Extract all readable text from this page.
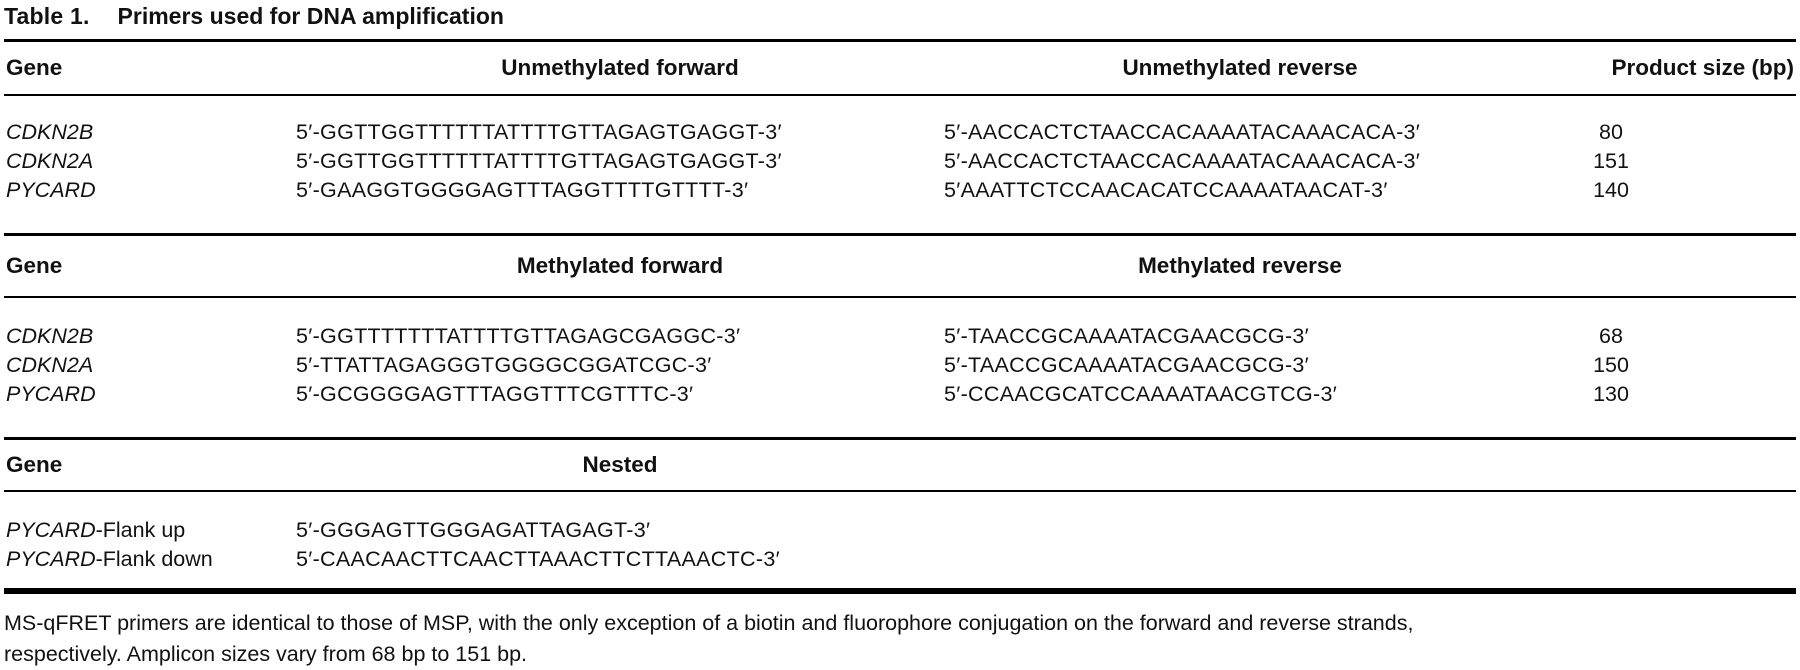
Table 1. Primers used for DNA amplification
Gene	Unmethylated forward	Unmethylated reverse	Product size (bp)
CDKN2B	5′-GGTTGGTTTTTTATTTTGTTAGAGTGAGGT-3′	5′-AACCACTCTAACCACAAAATACAAACACA-3′	80
CDKN2A	5′-GGTTGGTTTTTTATTTTGTTAGAGTGAGGT-3′	5′-AACCACTCTAACCACAAAATACAAACACA-3′	151
PYCARD	5′-GAAGGTGGGGAGTTTAGGTTTTGTTTT-3′	5′AAATTCTCCAACACATCCAAAATAACAT-3′	140
Gene	Methylated forward	Methylated reverse
CDKN2B	5′-GGTTTTTTTATTTTGTTAGAGCGAGGC-3′	5′-TAACCGCAAAATACGAACGCG-3′	68
CDKN2A	5′-TTATTAGAGGGTGGGGCGGATCGC-3′	5′-TAACCGCAAAATACGAACGCG-3′	150
PYCARD	5′-GCGGGGAGTTTAGGTTTCGTTTC-3′	5′-CCAACGCATCCAAAATAACGTCG-3′	130
Gene	Nested
PYCARD-Flank up	5′-GGGAGTTGGGAGATTAGAGT-3′
PYCARD-Flank down	5′-CAACAACTTCAACTTAAACTTCTTAAACTC-3′
MS-qFRET primers are identical to those of MSP, with the only exception of a biotin and fluorophore conjugation on the forward and reverse strands,
respectively. Amplicon sizes vary from 68 bp to 151 bp.
